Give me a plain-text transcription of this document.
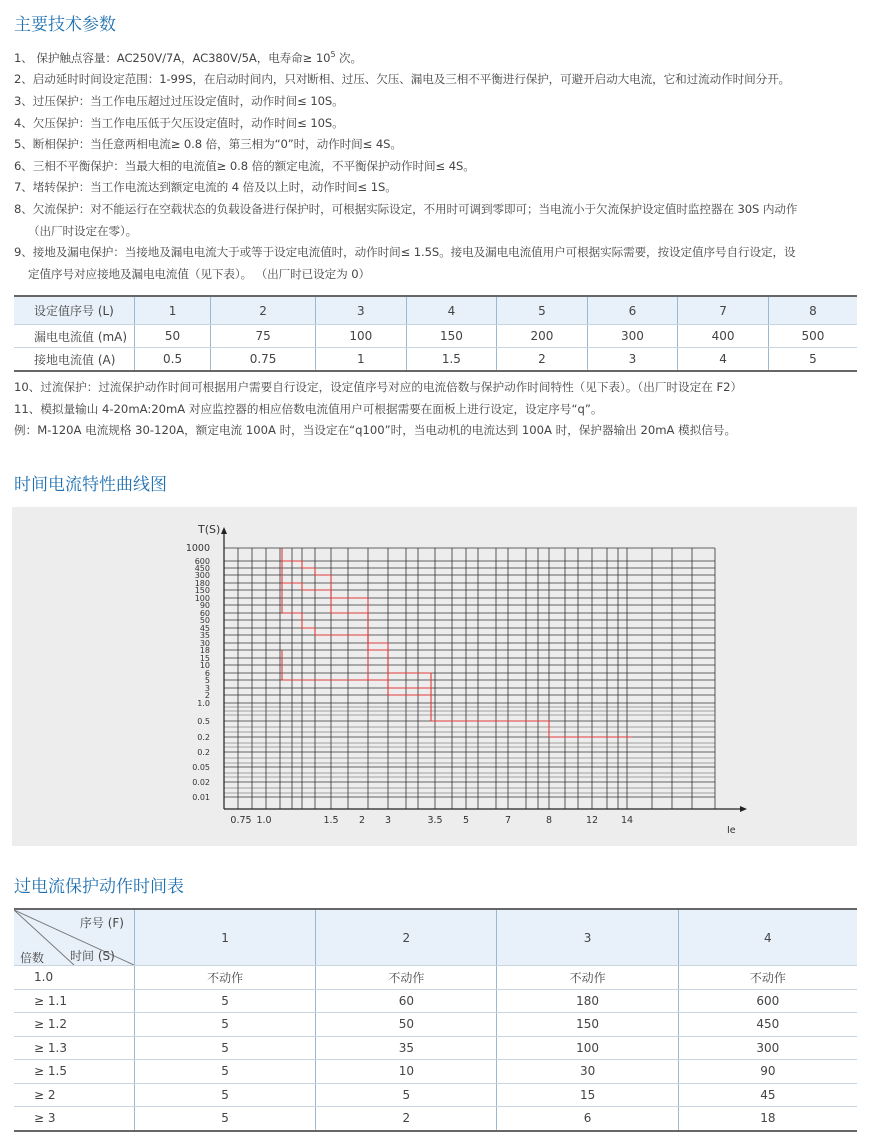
主要技术参数
1、 保护触点容量：AC250V/7A，AC380V/5A，电寿命≥ $10^5$ 次。
2、启动延时时间设定范围：1-99S，在启动时间内，只对断相、过压、欠压、漏电及三相不平衡进行保护，可避开启动大电流，它和过流动作时间分开。
3、过压保护：当工作电压超过过压设定值时，动作时间≤ 10S。
4、欠压保护：当工作电压低于欠压设定值时，动作时间≤ 10S。
5、断相保护：当任意两相电流≥ 0.8 倍，第三相为“0”时，动作时间≤ 4S。
6、三相不平衡保护：当最大相的电流值≥ 0.8 倍的额定电流，不平衡保护动作时间≤ 4S。
7、堵转保护：当工作电流达到额定电流的 4 倍及以上时，动作时间≤ 1S。
8、欠流保护：对不能运行在空载状态的负载设备进行保护时，可根据实际设定，不用时可调到零即可；当电流小于欠流保护设定值时监控器在 30S 内动作
（出厂时设定在零）。
9、接地及漏电保护：当接地及漏电电流大于或等于设定电流值时，动作时间≤ 1.5S。接电及漏电电流值用户可根据实际需要，按设定值序号自行设定，设
定值序号对应接地及漏电电流值（见下表）。 （出厂时已设定为 0）
设定值序号 (L)	1	2	3	4	5	6	7	8
漏电电流值 (mA)	50	75	100	150	200	300	400	500
接地电流值 (A)	0.5	0.75	1	1.5	2	3	4	5
10、过流保护：过流保护动作时间可根据用户需要自行设定，设定值序号对应的电流倍数与保护动作时间特性（见下表）。（出厂时设定在 F2）
11、模拟量输山 4-20mA:20mA 对应监控器的相应倍数电流值用户可根据需要在面板上进行设定，设定序号“q”。
例：M-120A 电流规格 30-120A，额定电流 100A 时，当设定在“q100”时，当电动机的电流达到 100A 时，保护器输出 20mA 模拟信号。
时间电流特性曲线图
1000
600
450
300
180
150
100
90
60
50
45
35
30
18
15
10
6
5
3
2
1.0
0.5
0.2
0.2
0.05
0.02
0.01
0.75 1.0	1.5 2 3	3.5 5	7	8	12 14
T(S)
Ie
过电流保护动作时间表
序号 (F)
时间 (S)
倍数	1	2	3	4
1.0	不动作	不动作	不动作	不动作
≥ 1.1	5	60	180	600
≥ 1.2	5	50	150	450
≥ 1.3	5	35	100	300
≥ 1.5	5	10	30	90
≥ 2	5	5	15	45
≥ 3	5	2	6	18
